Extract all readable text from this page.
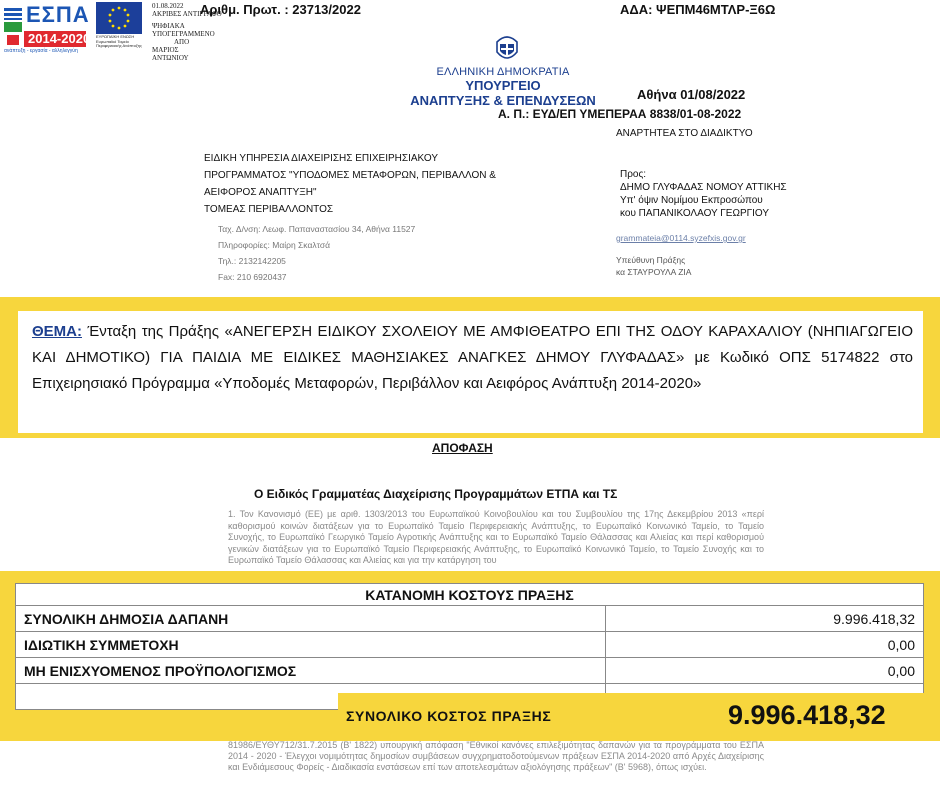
ΕΣΠΑ
2014-2020
ανάπτυξη - εργασία - αλληλεγγύη
ΕΥΡΩΠΑΪΚΗ ΕΝΩΣΗ
Ευρωπαϊκό Ταμείο
Περιφερειακής Ανάπτυξης
01.08.2022
ΑΚΡΙΒΕΣ ΑΝΤΙΓΡΑΦΟ
ΨΗΦΙΑΚΑ
ΥΠΟΓΕΓΡΑΜΜΕΝΟ
ΑΠΟ
ΜΑΡΙΟΣ
ΑΝΤΩΝΙΟΥ
Αριθμ. Πρωτ. : 23713/2022	ΑΔΑ: ΨΕΠΜ46ΜΤΛΡ-Ξ6Ω
ΕΛΛΗΝΙΚΗ ΔΗΜΟΚΡΑΤΙΑ
ΥΠΟΥΡΓΕΙΟ
ΑΝΑΠΤΥΞΗΣ & ΕΠΕΝΔΥΣΕΩΝ	Αθήνα 01/08/2022
Α. Π.: ΕΥΔ/ΕΠ ΥΜΕΠΕΡΑΑ 8838/01-08-2022
ΑΝΑΡΤΗΤΕΑ ΣΤΟ ΔΙΑΔΙΚΤΥΟ
ΕΙΔΙΚΗ ΥΠΗΡΕΣΙΑ ΔΙΑΧΕΙΡΙΣΗΣ ΕΠΙΧΕΙΡΗΣΙΑΚΟΥ
ΠΡΟΓΡΑΜΜΑΤΟΣ "ΥΠΟΔΟΜΕΣ ΜΕΤΑΦΟΡΩΝ, ΠΕΡΙΒΑΛΛΟΝ &
ΑΕΙΦΟΡΟΣ ΑΝΑΠΤΥΞΗ"
ΤΟΜΕΑΣ ΠΕΡΙΒΑΛΛΟΝΤΟΣ
Προς:
ΔΗΜΟ ΓΛΥΦΑΔΑΣ ΝΟΜΟΥ ΑΤΤΙΚΗΣ
Υπ' όψιν Νομίμου Εκπροσώπου
κου ΠΑΠΑΝΙΚΟΛΑΟΥ ΓΕΩΡΓΙΟΥ
Ταχ. Δ/νση: Λεωφ. Παπαναστασίου 34, Αθήνα 11527
Πληροφορίες: Μαίρη Σκαλτσά
Τηλ.: 2132142205
Fax: 210 6920437
grammateia@0114.syzefxis.gov.gr
Υπεύθυνη Πράξης
κα ΣΤΑΥΡΟΥΛΑ ΖΙΑ

ΘΕΜΑ: Ένταξη της Πράξης «ΑΝΕΓΕΡΣΗ ΕΙΔΙΚΟΥ ΣΧΟΛΕΙΟΥ ΜΕ ΑΜΦΙΘΕΑΤΡΟ ΕΠΙ ΤΗΣ ΟΔΟΥ ΚΑΡΑΧΑΛΙΟΥ (ΝΗΠΙΑΓΩΓΕΙΟ ΚΑΙ ΔΗΜΟΤΙΚΟ) ΓΙΑ ΠΑΙΔΙΑ ΜΕ ΕΙΔΙΚΕΣ ΜΑΘΗΣΙΑΚΕΣ ΑΝΑΓΚΕΣ ΔΗΜΟΥ ΓΛΥΦΑΔΑΣ» με Κωδικό ΟΠΣ 5174822 στο Επιχειρησιακό Πρόγραμμα «Υποδομές Μεταφορών, Περιβάλλον και Αειφόρος Ανάπτυξη 2014-2020»

ΑΠΟΦΑΣΗ
Ο Ειδικός Γραμματέας Διαχείρισης Προγραμμάτων ΕΤΠΑ και ΤΣ
1. Τον Κανονισμό (ΕΕ) με αριθ. 1303/2013 του Ευρωπαϊκού Κοινοβουλίου και του Συμβουλίου της 17ης Δεκεμβρίου 2013 «περί καθορισμού κοινών διατάξεων για το Ευρωπαϊκό Ταμείο Περιφερειακής Ανάπτυξης, το Ευρωπαϊκό Κοινωνικό Ταμείο, το Ταμείο Συνοχής, το Ευρωπαϊκό Γεωργικό Ταμείο Αγροτικής Ανάπτυξης και το Ευρωπαϊκό Ταμείο Θάλασσας και Αλιείας και περί καθορισμού γενικών διατάξεων για το Ευρωπαϊκό Ταμείο Περιφερειακής Ανάπτυξης, το Ευρωπαϊκό Κοινωνικό Ταμείο, το Ταμείο Συνοχής και το Ευρωπαϊκό Ταμείο Θάλασσας και Αλιείας και για την κατάργηση του
ΚΑΤΑΝΟΜΗ ΚΟΣΤΟΥΣ ΠΡΑΞΗΣ	
ΣΥΝΟΛΙΚΗ ΔΗΜΟΣΙΑ ΔΑΠΑΝΗ	9.996.418,32
ΙΔΙΩΤΙΚΗ ΣΥΜΜΕΤΟΧΗ	0,00
ΜΗ ΕΝΙΣΧΥΟΜΕΝΟΣ ΠΡΟΫΠΟΛΟΓΙΣΜΟΣ	0,00

ΣΥΝΟΛΙΚΟ ΚΟΣΤΟΣ ΠΡΑΞΗΣ	9.996.418,32
81986/ΕΥΘΥ712/31.7.2015 (Β' 1822) υπουργική απόφαση "Εθνικοί κανόνες επιλεξιμότητας δαπανών για τα προγράμματα του ΕΣΠΑ 2014 - 2020 - Έλεγχοι νομιμότητας δημοσίων συμβάσεων συγχρηματοδοτούμενων πράξεων ΕΣΠΑ 2014-2020 από Αρχές Διαχείρισης και Ενδιάμεσους Φορείς - Διαδικασία ενστάσεων επί των αποτελεσμάτων αξιολόγησης πράξεων" (Β' 5968), όπως ισχύει.
